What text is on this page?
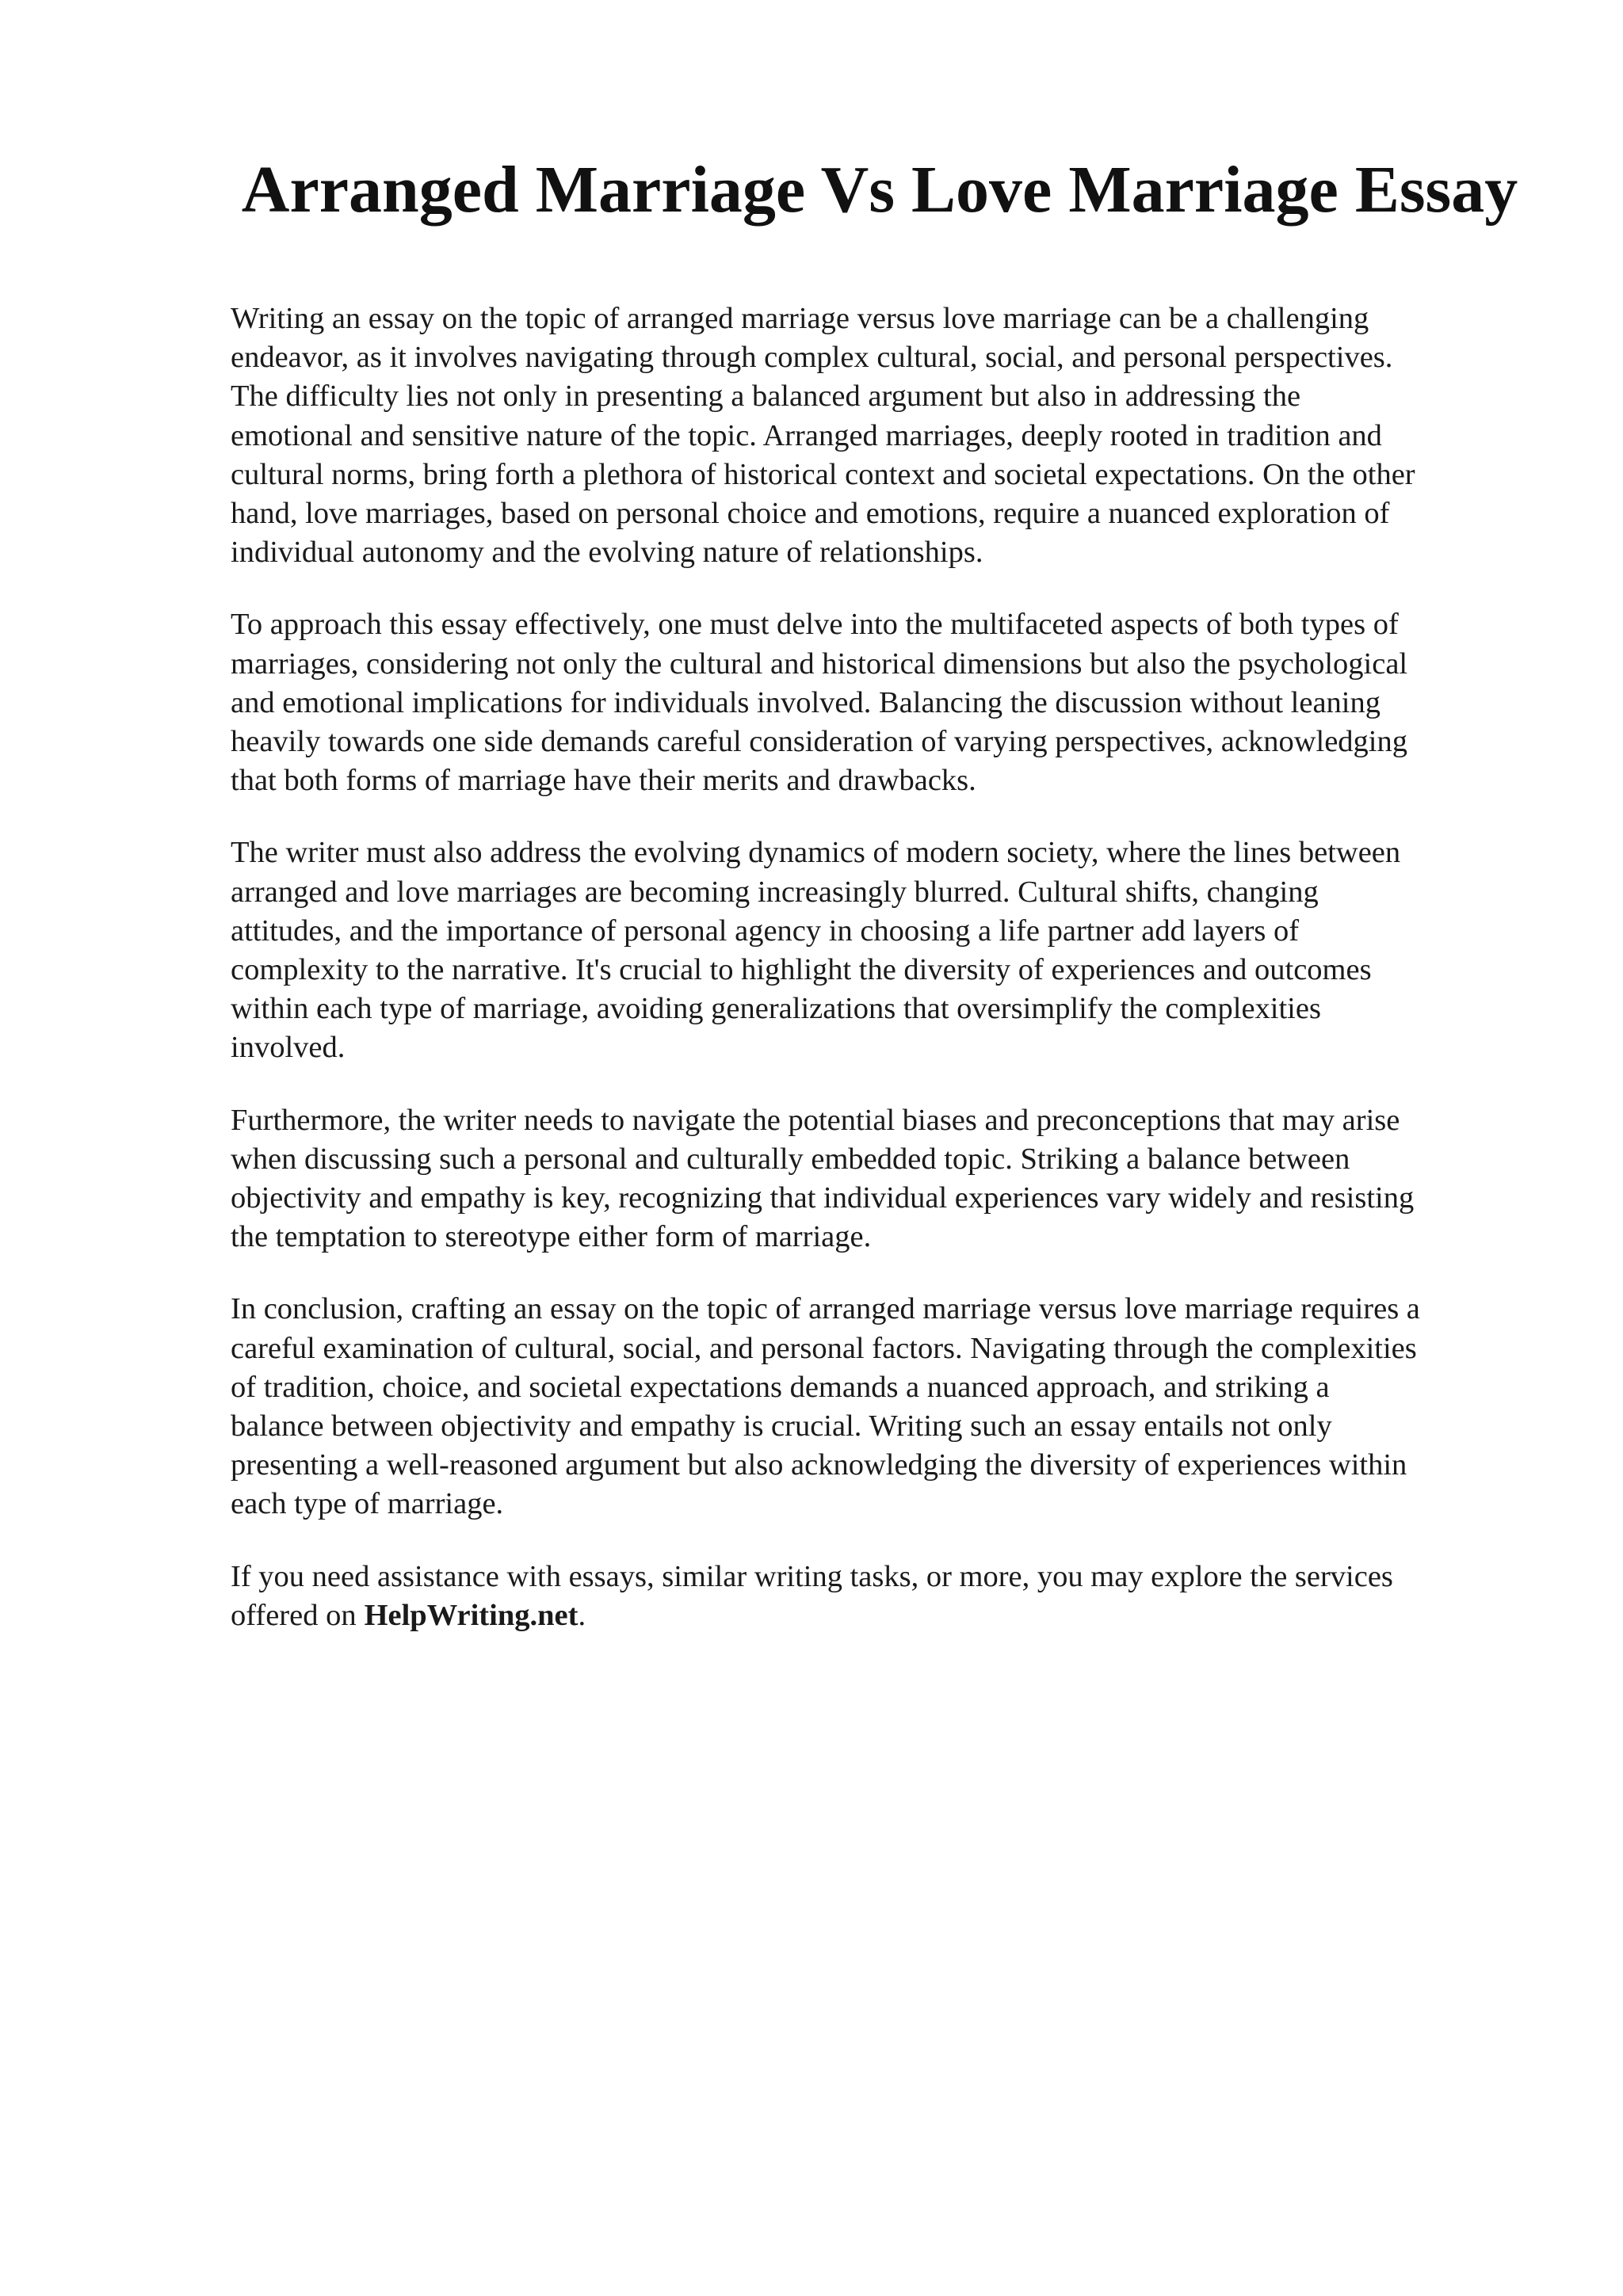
Arranged Marriage Vs Love Marriage Essay

Writing an essay on the topic of arranged marriage versus love marriage can be a challenging
endeavor, as it involves navigating through complex cultural, social, and personal perspectives.
The difficulty lies not only in presenting a balanced argument but also in addressing the
emotional and sensitive nature of the topic. Arranged marriages, deeply rooted in tradition and
cultural norms, bring forth a plethora of historical context and societal expectations. On the other
hand, love marriages, based on personal choice and emotions, require a nuanced exploration of
individual autonomy and the evolving nature of relationships.

To approach this essay effectively, one must delve into the multifaceted aspects of both types of
marriages, considering not only the cultural and historical dimensions but also the psychological
and emotional implications for individuals involved. Balancing the discussion without leaning
heavily towards one side demands careful consideration of varying perspectives, acknowledging
that both forms of marriage have their merits and drawbacks.

The writer must also address the evolving dynamics of modern society, where the lines between
arranged and love marriages are becoming increasingly blurred. Cultural shifts, changing
attitudes, and the importance of personal agency in choosing a life partner add layers of
complexity to the narrative. It's crucial to highlight the diversity of experiences and outcomes
within each type of marriage, avoiding generalizations that oversimplify the complexities
involved.

Furthermore, the writer needs to navigate the potential biases and preconceptions that may arise
when discussing such a personal and culturally embedded topic. Striking a balance between
objectivity and empathy is key, recognizing that individual experiences vary widely and resisting
the temptation to stereotype either form of marriage.

In conclusion, crafting an essay on the topic of arranged marriage versus love marriage requires a
careful examination of cultural, social, and personal factors. Navigating through the complexities
of tradition, choice, and societal expectations demands a nuanced approach, and striking a
balance between objectivity and empathy is crucial. Writing such an essay entails not only
presenting a well-reasoned argument but also acknowledging the diversity of experiences within
each type of marriage.

If you need assistance with essays, similar writing tasks, or more, you may explore the services
offered on HelpWriting.net.
